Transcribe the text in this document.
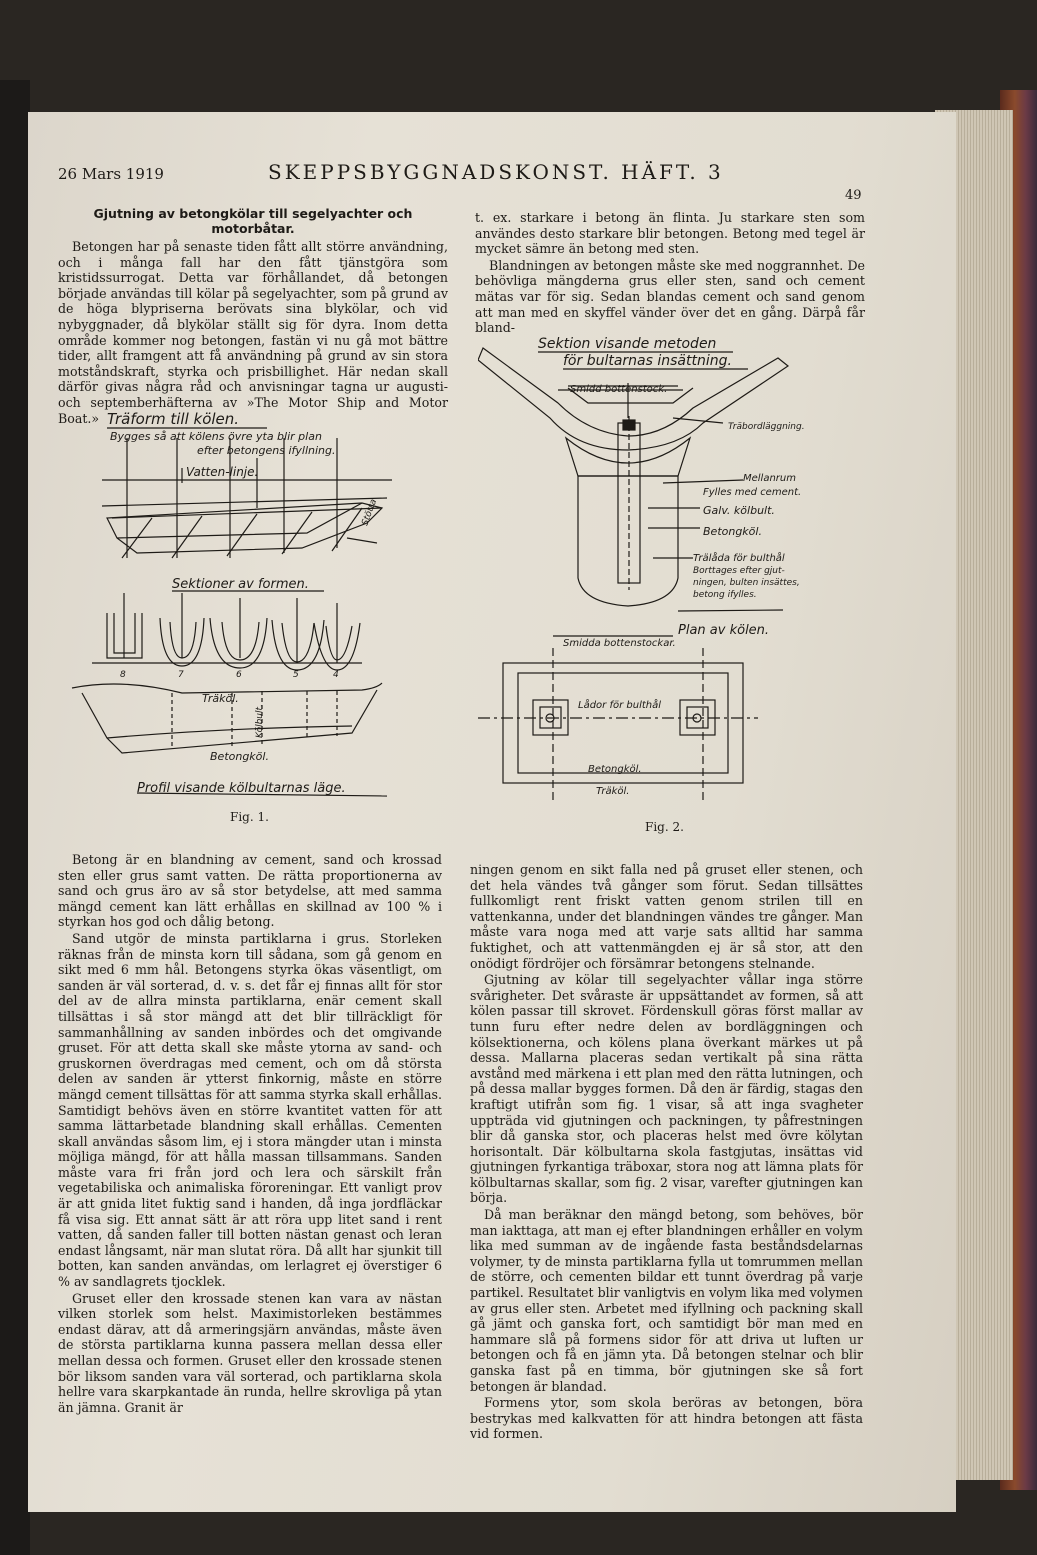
26 Mars 1919	SKEPPSBYGGNADSKONST. HÄFT. 3
49
Gjutning av betongkölar till segelyachter och motorbåtar.

Betongen har på senaste tiden fått allt större användning, och i många fall har den fått tjänstgöra som kristidssurrogat. Detta var förhållandet, då betongen började användas till kölar på segelyachter, som på grund av de höga blypriserna berövats sina blykölar, och vid nybyggnader, då blykölar ställt sig för dyra. Inom detta område kommer nog betongen, fastän vi nu gå mot bättre tider, allt framgent att få användning på grund av sin stora motståndskraft, styrka och prisbillighet. Här nedan skall därför givas några råd och anvisningar tagna ur augusti- och septemberhäfterna av »The Motor Ship and Motor Boat.»

t. ex. starkare i betong än flinta. Ju starkare sten som användes desto starkare blir betongen. Betong med tegel är mycket sämre än betong med sten.

Blandningen av betongen måste ske med noggrannhet. De behövliga mängderna grus eller sten, sand och cement mätas var för sig. Sedan blandas cement och sand genom att man med en skyffel vänder över det en gång. Därpå får bland-

Träform till kölen.
Bygges så att kölens övre yta blir plan
efter betongens ifyllning.
Vatten-linje.
Stötta
Sektioner av formen.
8	7	6	5	4
Träköl.
Kölbult.
Betongköl.
Profil visande kölbultarnas läge.
Fig. 1.
Sektion visande metoden
för bultarnas insättning.
Smidd bottenstock.
Träbordläggning.
Mellanrum
Fylles med cement.
Galv. kölbult.
Betongköl.
Trälåda för bulthål
Borttages efter gjut-
ningen, bulten insättes,
betong ifylles.
Plan av kölen.
Smidda bottenstockar.
Lådor för bulthål
Betongköl.
Träköl.
Fig. 2.

Betong är en blandning av cement, sand och krossad sten eller grus samt vatten. De rätta proportionerna av sand och grus äro av så stor betydelse, att med samma mängd cement kan lätt erhållas en skillnad av 100 % i styrkan hos god och dålig betong.

Sand utgör de minsta partiklarna i grus. Storleken räknas från de minsta korn till sådana, som gå genom en sikt med 6 mm hål. Betongens styrka ökas väsentligt, om sanden är väl sorterad, d. v. s. det får ej finnas allt för stor del av de allra minsta partiklarna, enär cement skall tillsättas i så stor mängd att det blir tillräckligt för sammanhållning av sanden inbördes och det omgivande gruset. För att detta skall ske måste ytorna av sand- och gruskornen överdragas med cement, och om då största delen av sanden är ytterst finkornig, måste en större mängd cement tillsättas för att samma styrka skall erhållas. Samtidigt behövs även en större kvantitet vatten för att samma lättarbetade blandning skall erhållas. Cementen skall användas såsom lim, ej i stora mängder utan i minsta möjliga mängd, för att hålla massan tillsammans. Sanden måste vara fri från jord och lera och särskilt från vegetabiliska och animaliska föroreningar. Ett vanligt prov är att gnida litet fuktig sand i handen, då inga jordfläckar få visa sig. Ett annat sätt är att röra upp litet sand i rent vatten, då sanden faller till botten nästan genast och leran endast långsamt, när man slutat röra. Då allt har sjunkit till botten, kan sanden användas, om lerlagret ej överstiger 6 % av sandlagrets tjocklek.

Gruset eller den krossade stenen kan vara av nästan vilken storlek som helst. Maximistorleken bestämmes endast därav, att då armeringsjärn användas, måste även de största partiklarna kunna passera mellan dessa eller mellan dessa och formen. Gruset eller den krossade stenen bör liksom sanden vara väl sorterad, och partiklarna skola hellre vara skarpkantade än runda, hellre skrovliga på ytan än jämna. Granit är

ningen genom en sikt falla ned på gruset eller stenen, och det hela vändes två gånger som förut. Sedan tillsättes fullkomligt rent friskt vatten genom strilen till en vattenkanna, under det blandningen vändes tre gånger. Man måste vara noga med att varje sats alltid har samma fuktighet, och att vattenmängden ej är så stor, att den onödigt fördröjer och försämrar betongens stelnande.

Gjutning av kölar till segelyachter vållar inga större svårigheter. Det svåraste är uppsättandet av formen, så att kölen passar till skrovet. Fördenskull göras först mallar av tunn furu efter nedre delen av bordläggningen och kölsektionerna, och kölens plana överkant märkes ut på dessa. Mallarna placeras sedan vertikalt på sina rätta avstånd med märkena i ett plan med den rätta lutningen, och på dessa mallar bygges formen. Då den är färdig, stagas den kraftigt utifrån som fig. 1 visar, så att inga svagheter uppträda vid gjutningen och packningen, ty påfrestningen blir då ganska stor, och placeras helst med övre kölytan horisontalt. Där kölbultarna skola fastgjutas, insättas vid gjutningen fyrkantiga träboxar, stora nog att lämna plats för kölbultarnas skallar, som fig. 2 visar, varefter gjutningen kan börja.

Då man beräknar den mängd betong, som behöves, bör man iakttaga, att man ej efter blandningen erhåller en volym lika med summan av de ingående fasta beståndsdelarnas volymer, ty de minsta partiklarna fylla ut tomrummen mellan de större, och cementen bildar ett tunnt överdrag på varje partikel. Resultatet blir vanligtvis en volym lika med volymen av grus eller sten. Arbetet med ifyllning och packning skall gå jämt och ganska fort, och samtidigt bör man med en hammare slå på formens sidor för att driva ut luften ur betongen och få en jämn yta. Då betongen stelnar och blir ganska fast på en timma, bör gjutningen ske så fort betongen är blandad.

Formens ytor, som skola beröras av betongen, böra bestrykas med kalkvatten för att hindra betongen att fästa vid formen.
